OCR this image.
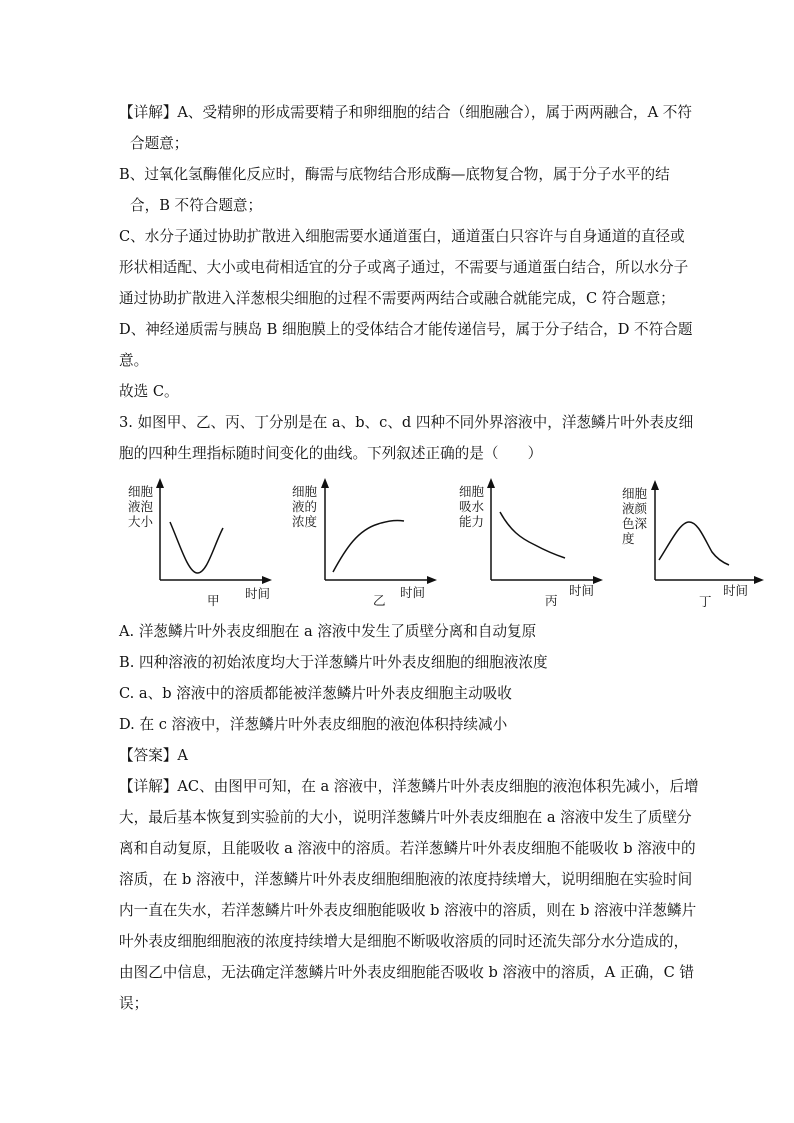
【详解】A、受精卵的形成需要精子和卵细胞的结合（细胞融合），属于两两融合，A 不符
合题意；
B、过氧化氢酶催化反应时，酶需与底物结合形成酶—底物复合物，属于分子水平的结
合，B 不符合题意；
C、水分子通过协助扩散进入细胞需要水通道蛋白，通道蛋白只容许与自身通道的直径或
形状相适配、大小或电荷相适宜的分子或离子通过，不需要与通道蛋白结合，所以水分子
通过协助扩散进入洋葱根尖细胞的过程不需要两两结合或融合就能完成，C 符合题意；
D、神经递质需与胰岛 B 细胞膜上的受体结合才能传递信号，属于分子结合，D 不符合题
意。
故选 C。
3. 如图甲、乙、丙、丁分别是在 a、b、c、d 四种不同外界溶液中，洋葱鳞片叶外表皮细
胞的四种生理指标随时间变化的曲线。下列叙述正确的是（　　）
细胞
液泡
大小
时间
甲
细胞
液的
浓度
时间
乙
细胞
吸水
能力
时间
丙
细胞
液颜
色深
度
时间
丁
A. 洋葱鳞片叶外表皮细胞在 a 溶液中发生了质壁分离和自动复原
B. 四种溶液的初始浓度均大于洋葱鳞片叶外表皮细胞的细胞液浓度
C. a、b 溶液中的溶质都能被洋葱鳞片叶外表皮细胞主动吸收
D. 在 c 溶液中，洋葱鳞片叶外表皮细胞的液泡体积持续减小
【答案】A
【详解】AC、由图甲可知，在 a 溶液中，洋葱鳞片叶外表皮细胞的液泡体积先减小，后增
大，最后基本恢复到实验前的大小，说明洋葱鳞片叶外表皮细胞在 a 溶液中发生了质壁分
离和自动复原，且能吸收 a 溶液中的溶质。若洋葱鳞片叶外表皮细胞不能吸收 b 溶液中的
溶质，在 b 溶液中，洋葱鳞片叶外表皮细胞细胞液的浓度持续增大，说明细胞在实验时间
内一直在失水，若洋葱鳞片叶外表皮细胞能吸收 b 溶液中的溶质，则在 b 溶液中洋葱鳞片
叶外表皮细胞细胞液的浓度持续增大是细胞不断吸收溶质的同时还流失部分水分造成的，
由图乙中信息，无法确定洋葱鳞片叶外表皮细胞能否吸收 b 溶液中的溶质，A 正确，C 错
误；
